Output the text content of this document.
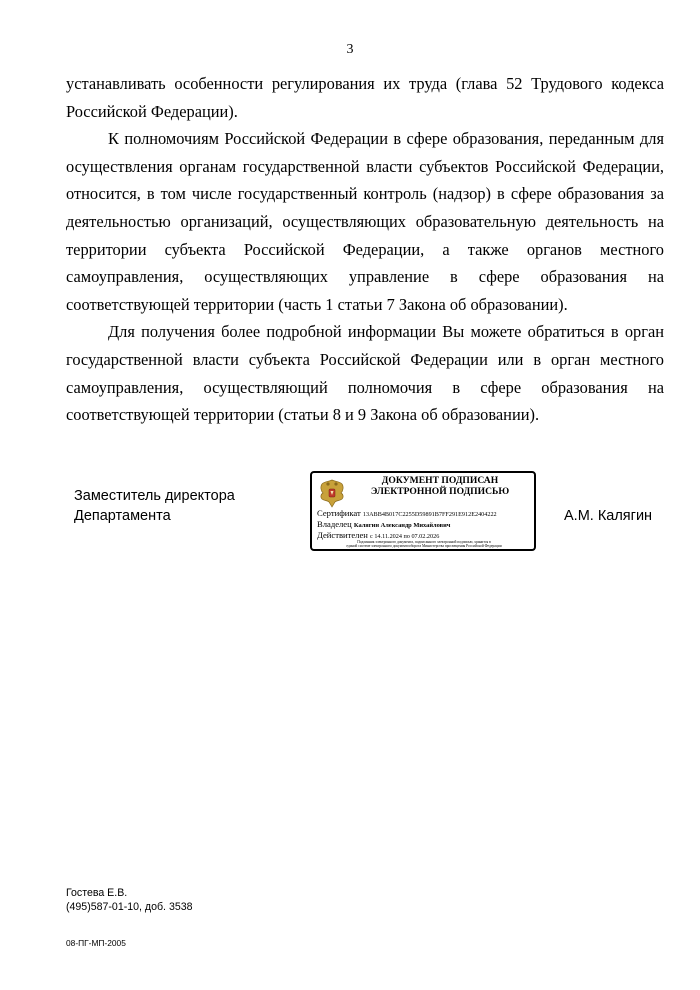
3

устанавливать особенности регулирования их труда (глава 52 Трудового кодекса Российской Федерации).

К полномочиям Российской Федерации в сфере образования, переданным для осуществления органам государственной власти субъектов Российской Федерации, относится, в том числе государственный контроль (надзор) в сфере образования за деятельностью организаций, осуществляющих образовательную деятельность на территории субъекта Российской Федерации, а также органов местного самоуправления, осуществляющих управление в сфере образования на соответствующей территории (часть 1 статьи 7 Закона об образовании).

Для получения более подробной информации Вы можете обратиться в орган государственной власти субъекта Российской Федерации или в орган местного самоуправления, осуществляющий полномочия в сфере образования на соответствующей территории (статьи 8 и 9 Закона об образовании).

Заместитель директора
Департамента
ДОКУМЕНТ ПОДПИСАН
ЭЛЕКТРОННОЙ ПОДПИСЬЮ
Сертификат 13ABB4B017C2255D59891B7FF291E912E2404222
Владелец Калягин Александр Михайлович
Действителен с 14.11.2024 по 07.02.2026
Подлинник электронного документа, подписанного электронной подписью, хранится в
единой системе электронного документооборота Министерства просвещения Российской Федерации
А.М. Калягин
Гостева Е.В.
(495)587-01-10, доб. 3538
08-ПГ-МП-2005
